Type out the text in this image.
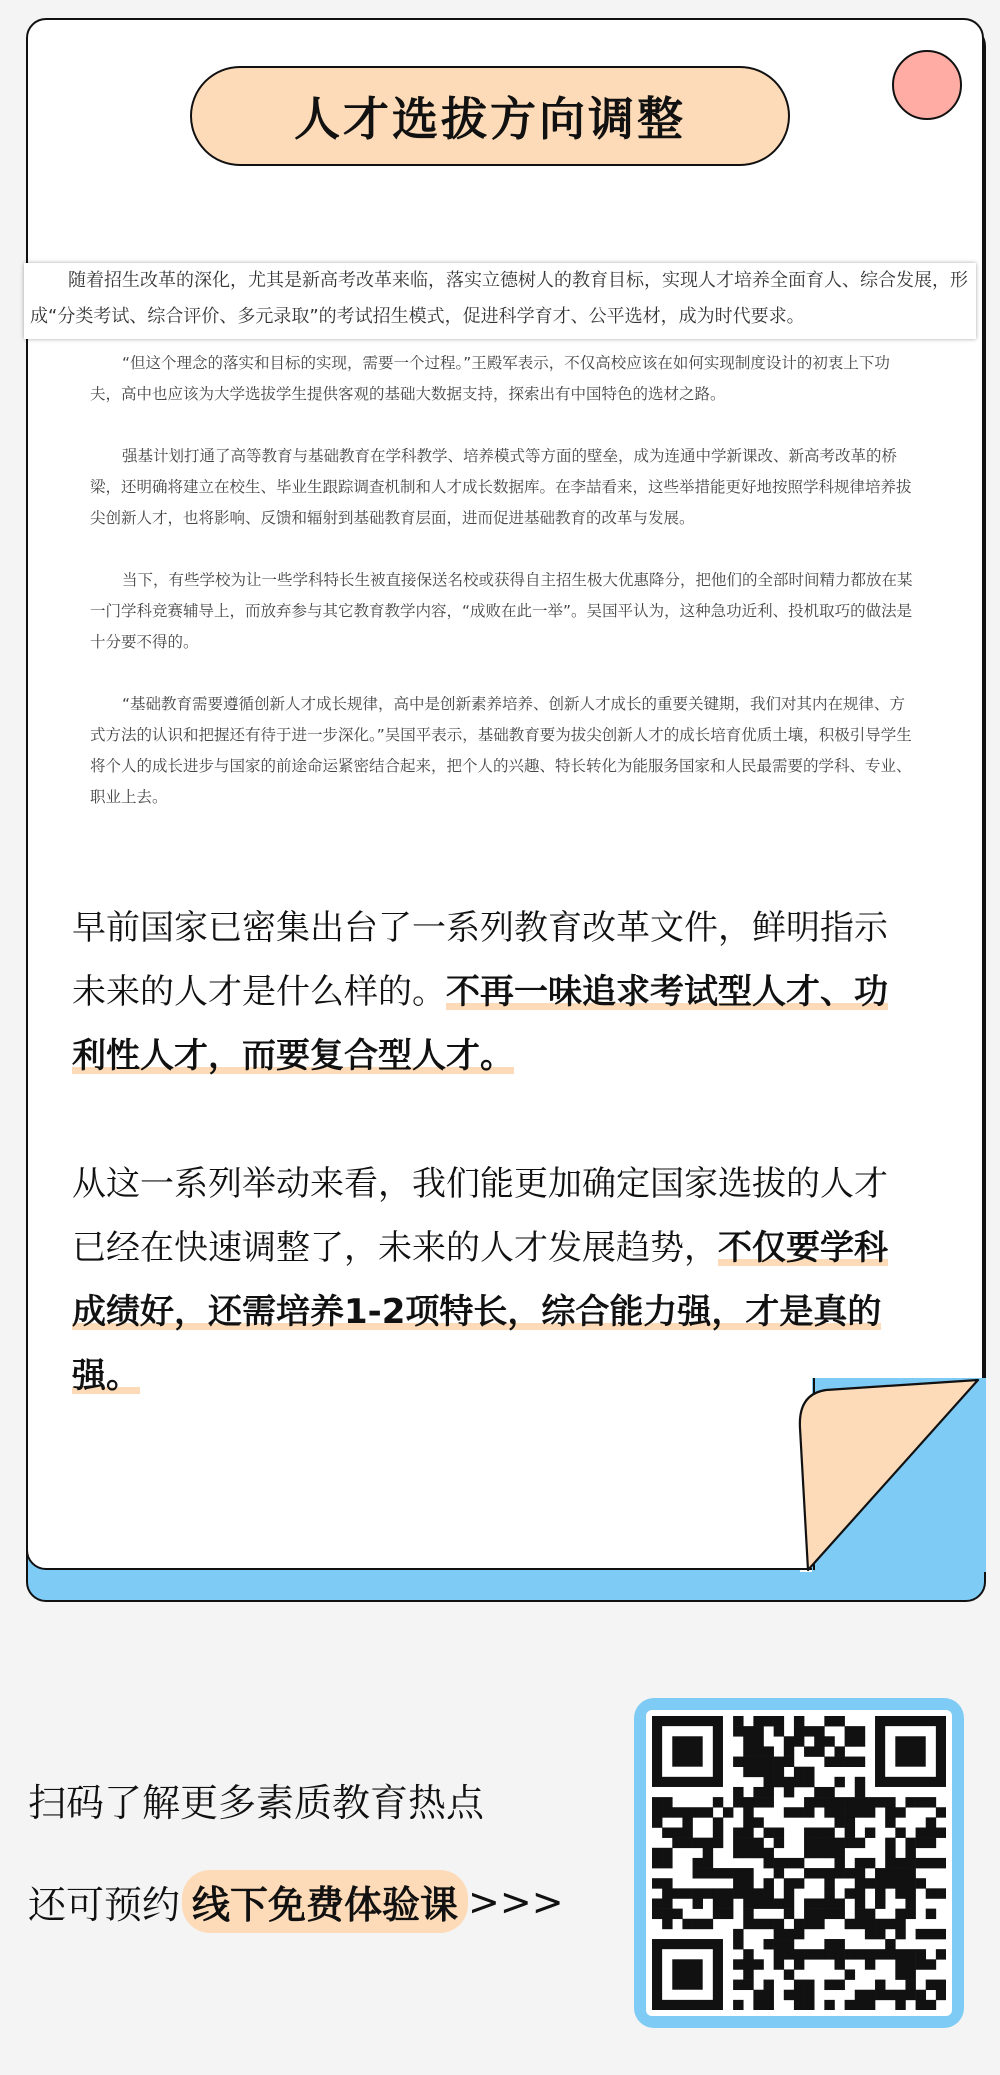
人才选拔方向调整
随着招生改革的深化，尤其是新高考改革来临，落实立德树人的教育目标，实现人才培养全面育人、综合发展，形成“分类考试、综合评价、多元录取”的考试招生模式，促进科学育才、公平选材，成为时代要求。

“但这个理念的落实和目标的实现，需要一个过程。”王殿军表示，不仅高校应该在如何实现制度设计的初衷上下功夫，高中也应该为大学选拔学生提供客观的基础大数据支持，探索出有中国特色的选材之路。

强基计划打通了高等教育与基础教育在学科教学、培养模式等方面的壁垒，成为连通中学新课改、新高考改革的桥梁，还明确将建立在校生、毕业生跟踪调查机制和人才成长数据库。在李喆看来，这些举措能更好地按照学科规律培养拔尖创新人才，也将影响、反馈和辐射到基础教育层面，进而促进基础教育的改革与发展。

当下，有些学校为让一些学科特长生被直接保送名校或获得自主招生极大优惠降分，把他们的全部时间精力都放在某一门学科竞赛辅导上，而放弃参与其它教育教学内容，“成败在此一举”。吴国平认为，这种急功近利、投机取巧的做法是十分要不得的。

“基础教育需要遵循创新人才成长规律，高中是创新素养培养、创新人才成长的重要关键期，我们对其内在规律、方式方法的认识和把握还有待于进一步深化。”吴国平表示，基础教育要为拔尖创新人才的成长培育优质土壤，积极引导学生将个人的成长进步与国家的前途命运紧密结合起来，把个人的兴趣、特长转化为能服务国家和人民最需要的学科、专业、职业上去。

早前国家已密集出台了一系列教育改革文件，鲜明指示未来的人才是什么样的。不再一味追求考试型人才、功利性人才，而要复合型人才。

从这一系列举动来看，我们能更加确定国家选拔的人才已经在快速调整了，未来的人才发展趋势，不仅要学科成绩好，还需培养1-2项特长，综合能力强，才是真的强。

扫码了解更多素质教育热点
还可预约 线下免费体验课 >>>
